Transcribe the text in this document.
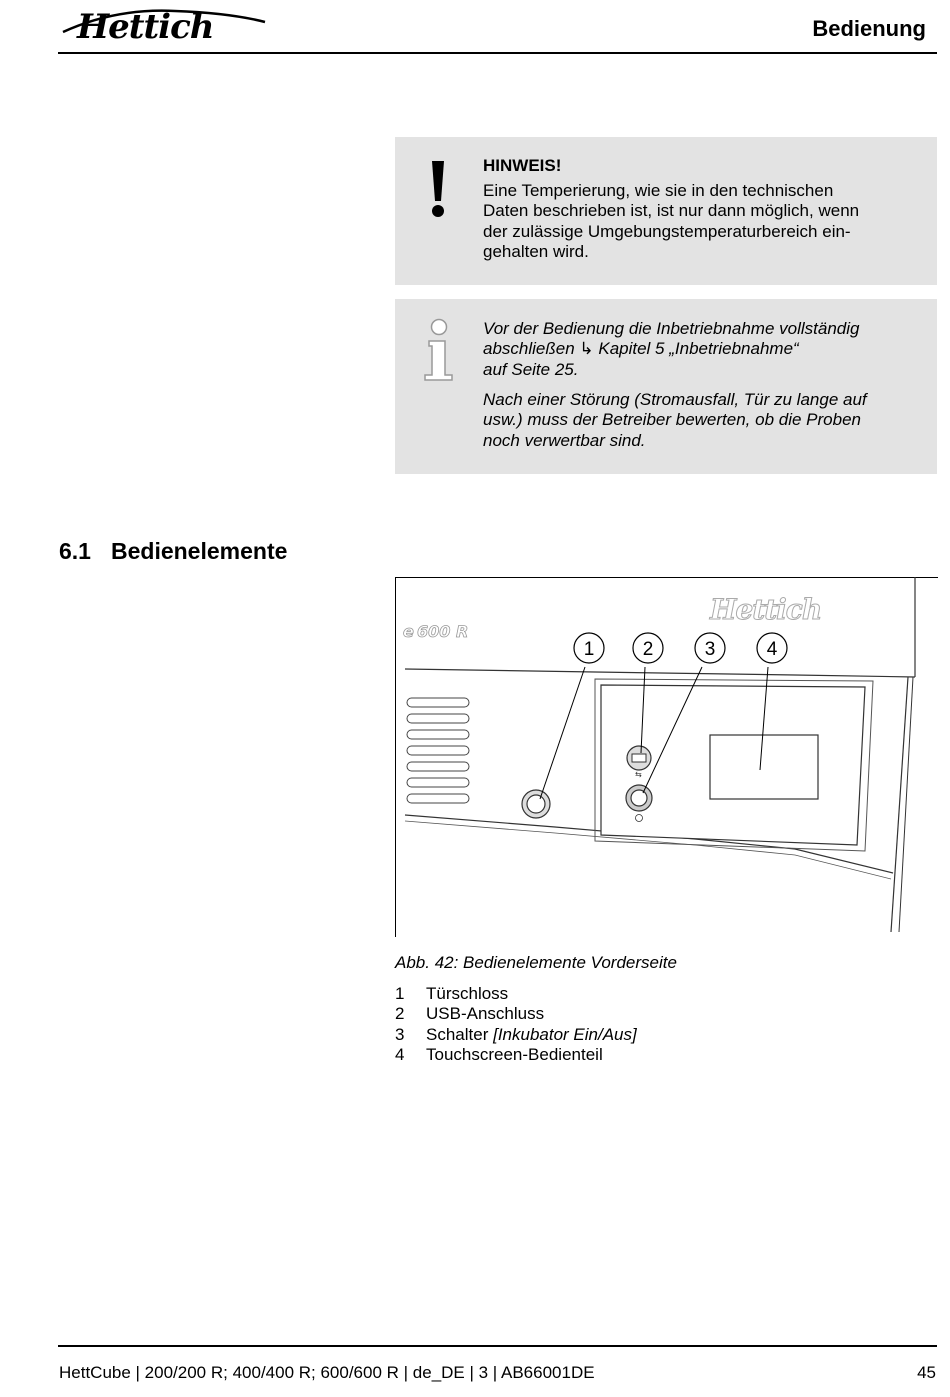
Hettich	Bedienung
HINWEIS!
Eine Temperierung, wie sie in den technischen
Daten beschrieben ist, ist nur dann möglich, wenn
der zulässige Umgebungstemperaturbereich ein-
gehalten wird.
Vor der Bedienung die Inbetriebnahme vollständig
abschließen ↳ Kapitel 5 „Inbetriebnahme“
auf Seite 25.
Nach einer Störung (Stromausfall, Tür zu lange auf
usw.) muss der Betreiber bewerten, ob die Proben
noch verwertbar sind.
6.1 Bedienelemente
600 R
e
Hettich
⇆
1	2	3	4
Abb. 42: Bedienelemente Vorderseite
1	Türschloss
2	USB-Anschluss
3	Schalter [Inkubator Ein/Aus]
4	Touchscreen-Bedienteil
HettCube | 200/200 R; 400/400 R; 600/600 R | de_DE | 3 | AB66001DE	45
